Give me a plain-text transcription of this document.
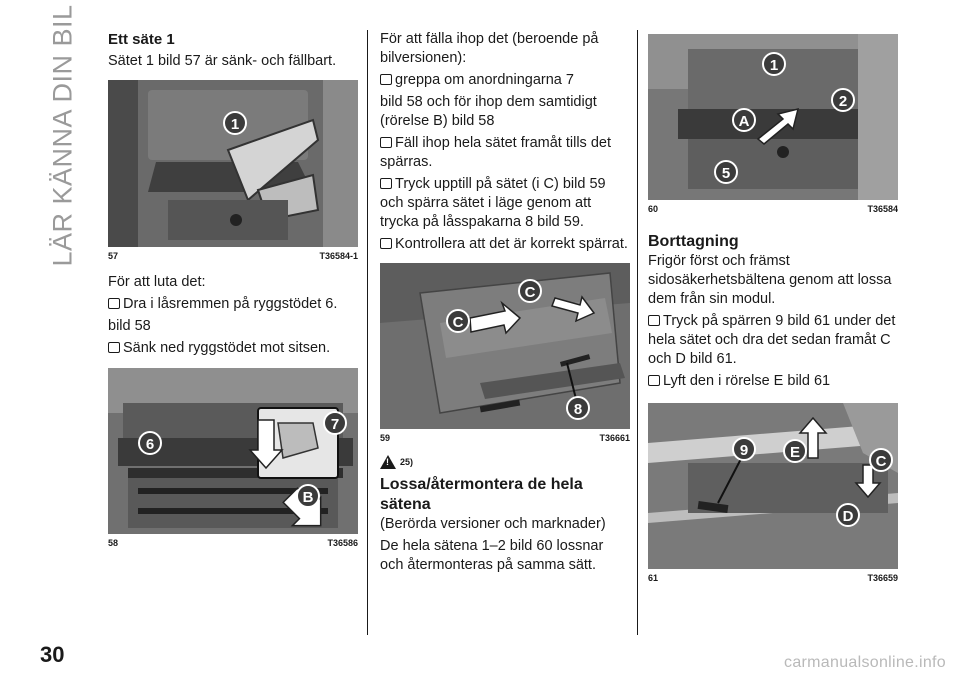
LÄR KÄNNA DIN BIL Ett säte 1

Sätet 1 bild 57 är sänk- och fällbart.

1
57	T36584-1

För att luta det:

Dra i låsremmen på ryggstödet 6.

bild 58

Sänk ned ryggstödet mot sitsen.
6
7
B
58	T36586

För att fälla ihop det (beroende på bilversionen):

greppa om anordningarna 7

bild 58 och för ihop dem samtidigt (rörelse B) bild 58

Fäll ihop hela sätet framåt tills det spärras.
Tryck upptill på sätet (i C) bild 59 och spärra sätet i läge genom att trycka på låsspakarna 8 bild 59.
Kontrollera att det är korrekt spärrat.
C
C
8
59	T36661
!
25)
Lossa/återmontera de hela sätena

(Berörda versioner och marknader)

De hela sätena 1–2 bild 60 lossnar och återmonteras på samma sätt.

1
2
A
5
60	T36584
Borttagning

Frigör först och främst sidosäkerhetsbältena genom att lossa dem från sin modul.

Tryck på spärren 9 bild 61 under det hela sätet och dra det sedan framåt C och D bild 61.
Lyft den i rörelse E bild 61
9	E
C
D
61	T36659
30	carmanualsonline.info
